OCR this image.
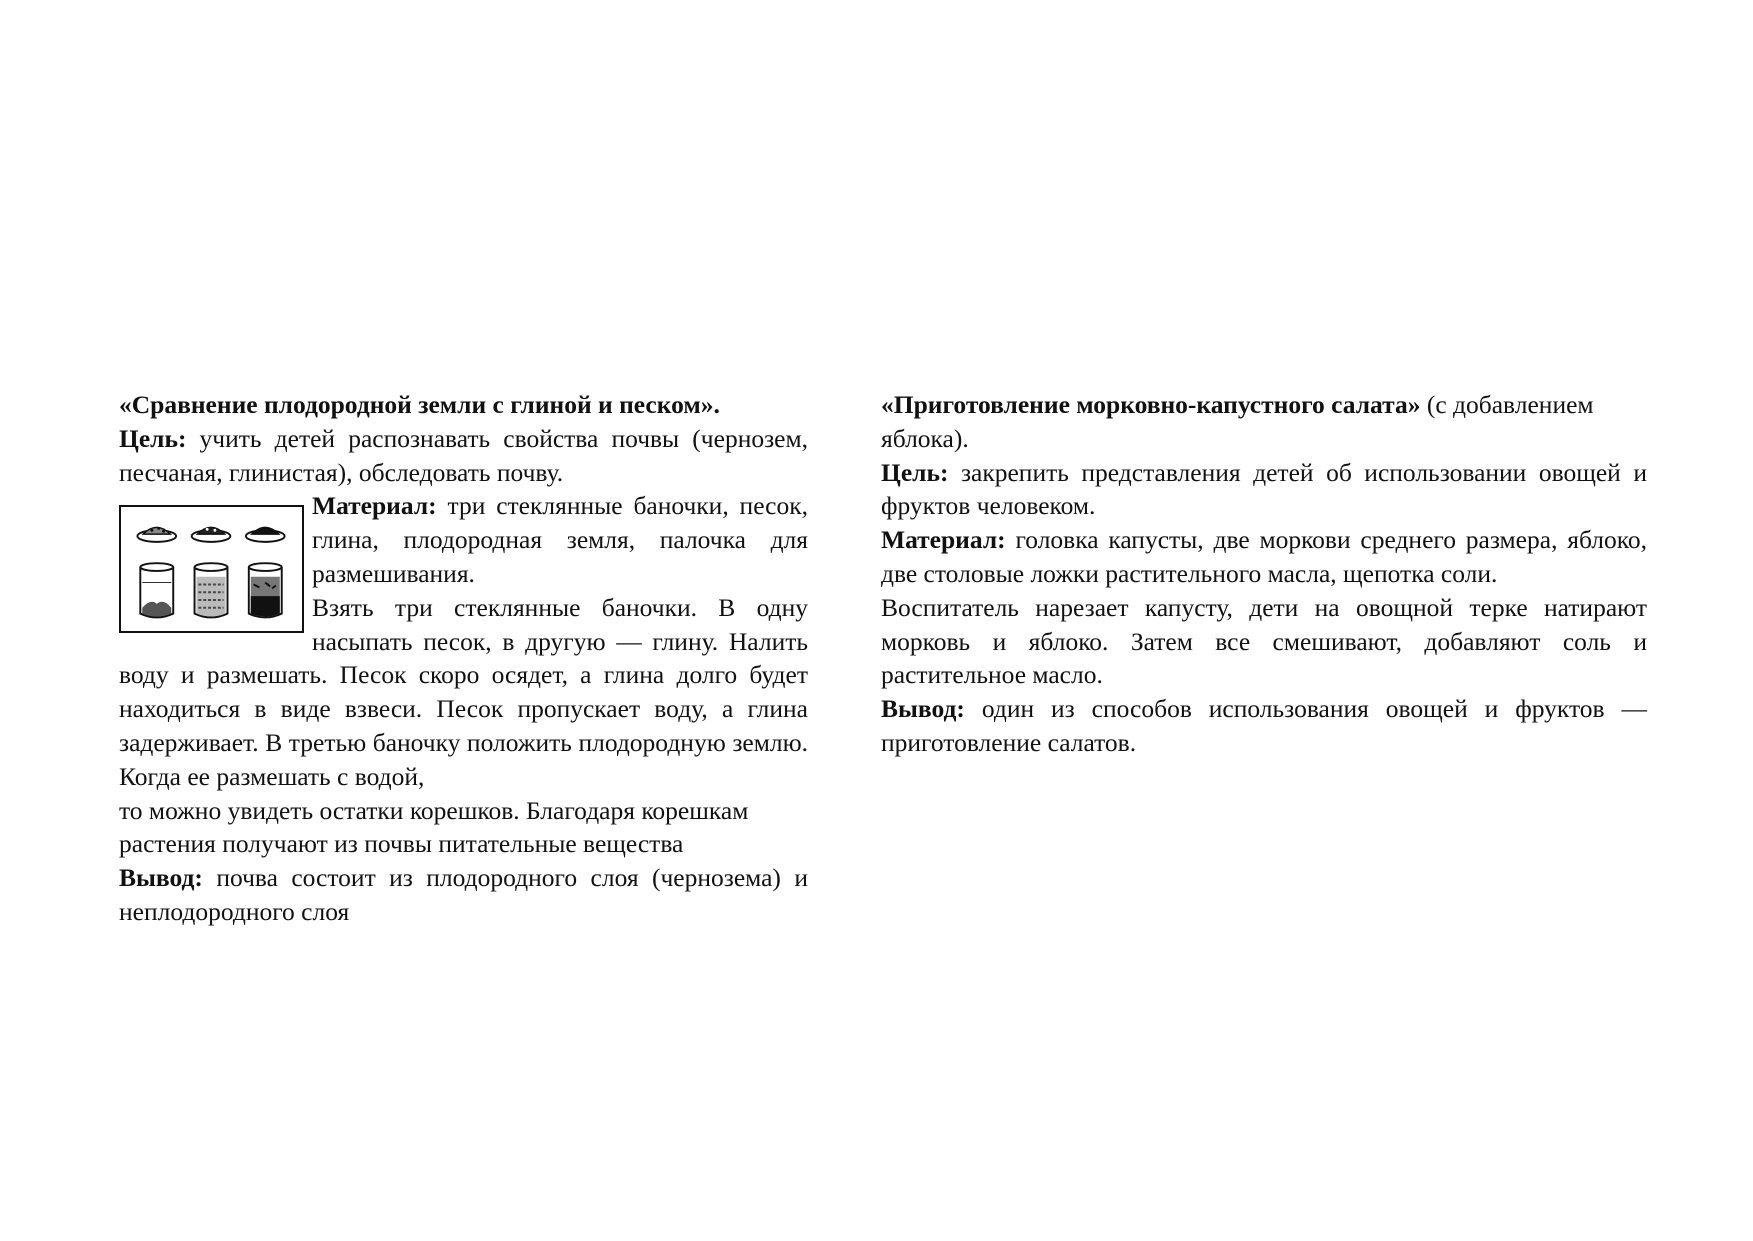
«Сравнение плодородной земли с глиной и песком».

Цель: учить детей распознавать свойства почвы (чернозем, песчаная, глинистая), обследовать почву.

Материал: три стеклянные баночки, песок, глина, плодородная земля, палочка для размешивания.

Взять три стеклянные баночки. В одну насыпать песок, в другую — глину. Налить воду и размешать. Песок скоро осядет, а глина долго будет находиться в виде взвеси. Песок пропускает воду, а глина задерживает. В третью баночку положить плодородную землю. Когда ее размешать с водой,

то можно увидеть остатки корешков. Благодаря корешкам растения получают из почвы питательные вещества

Вывод: почва состоит из плодородного слоя (чернозема) и неплодородного слоя

«Приготовление морковно-капустного салата» (с добавлением яблока).

Цель: закрепить представления детей об использовании овощей и фруктов человеком.

Материал: головка капусты, две моркови среднего размера, яблоко, две столовые ложки растительного масла, щепотка соли.

Воспитатель нарезает капусту, дети на овощной терке натирают морковь и яблоко. Затем все смешивают, добавляют соль и растительное масло.

Вывод: один из способов использования овощей и фруктов — приготовление салатов.
